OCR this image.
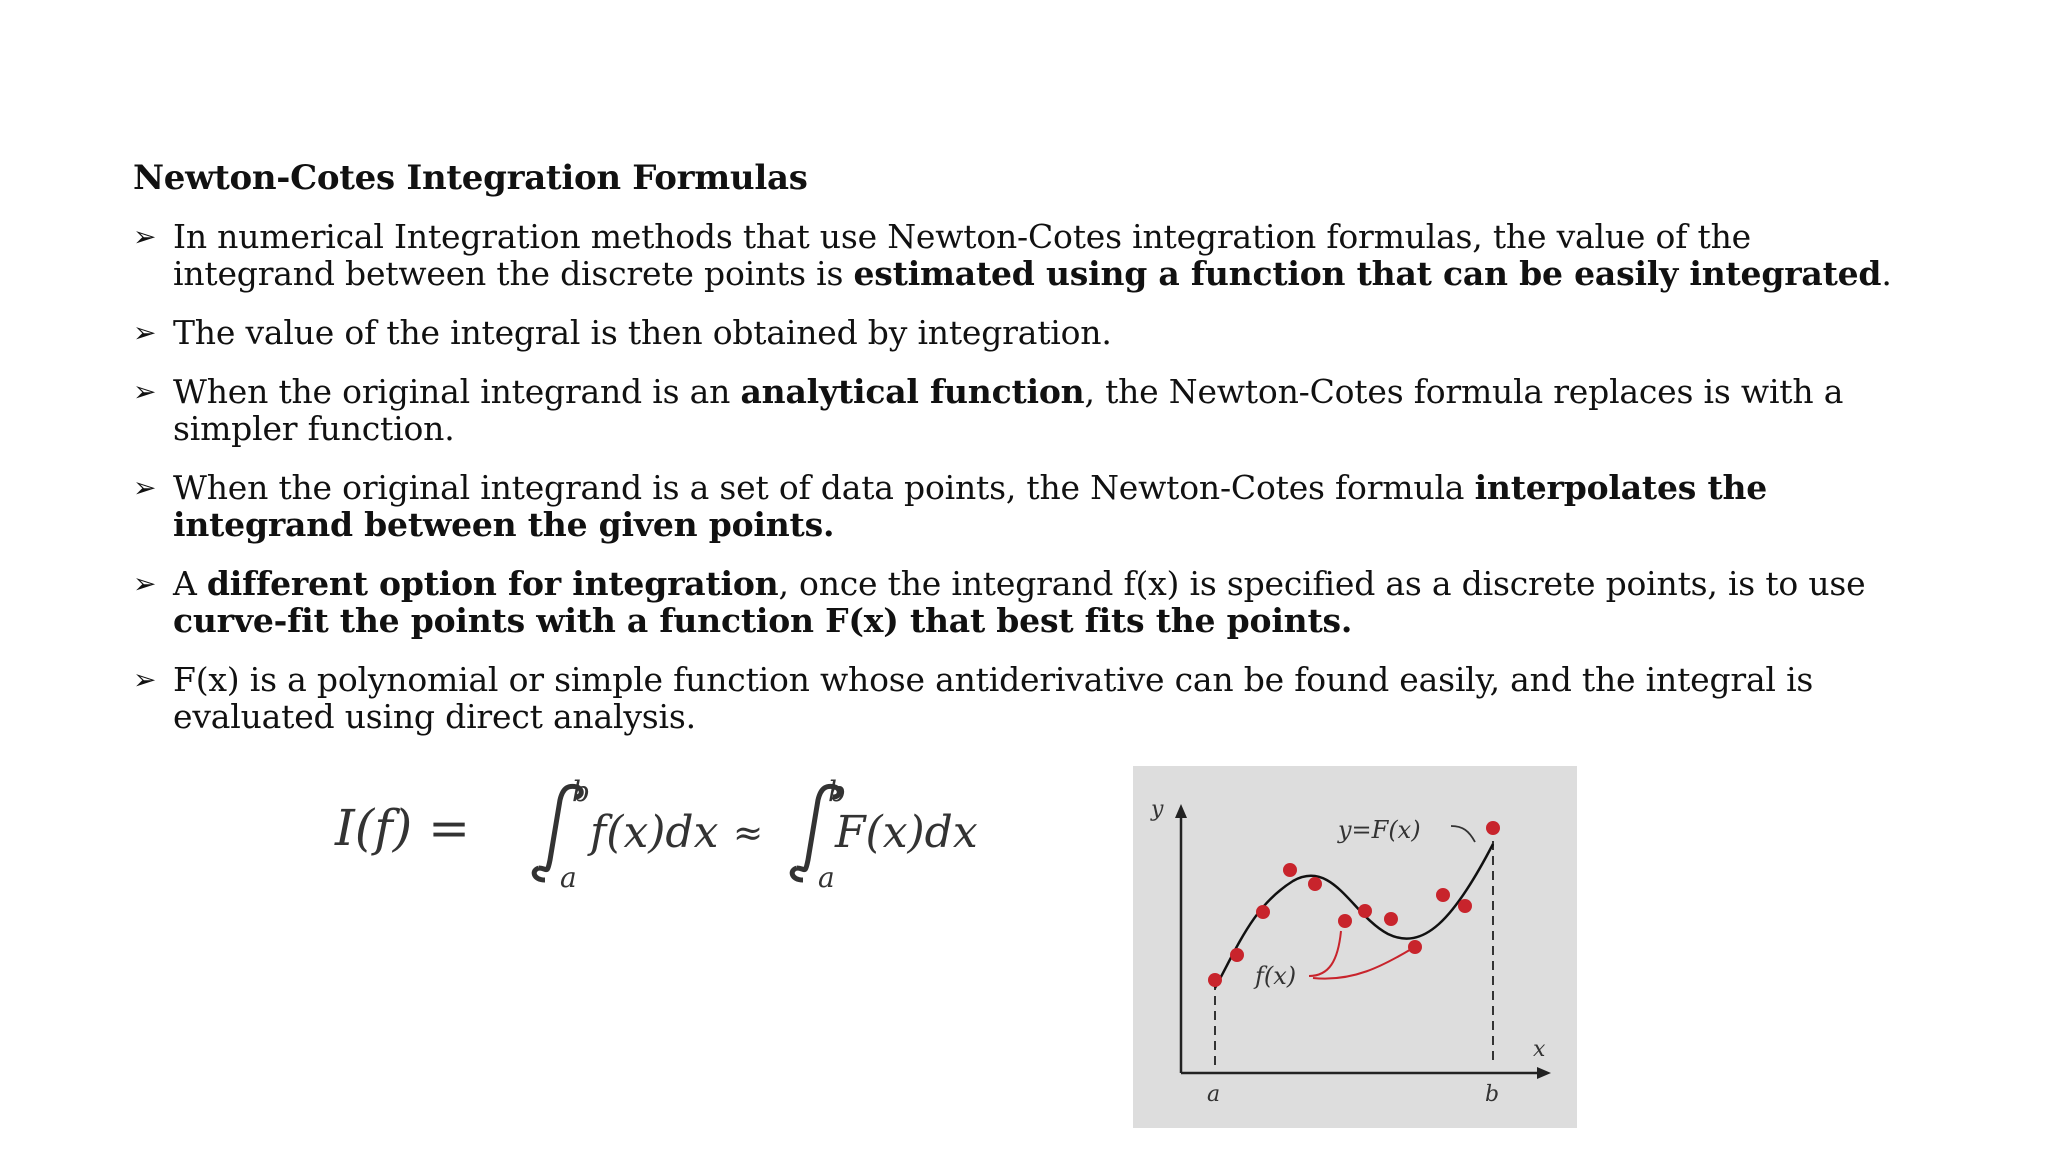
Newton-Cotes Integration Formulas
➢ In numerical Integration methods that use Newton-Cotes integration formulas, the value of the integrand between the discrete points is estimated using a function that can be easily integrated.
➢ The value of the integral is then obtained by integration.
➢ When the original integrand is an analytical function, the Newton-Cotes formula replaces is with a simpler function.
➢ When the original integrand is a set of data points, the Newton-Cotes formula interpolates the integrand between the given points.
➢ A different option for integration, once the integrand f(x) is specified as a discrete points, is to use curve-fit the points with a function F(x) that best fits the points.
➢ F(x) is a polynomial or simple function whose antiderivative can be found easily, and the integral is evaluated using direct analysis.
I(f) =
b
a
f(x)dx ≈
b
a
F(x)dx	y
x
a	b
y=F(x)
f(x)
